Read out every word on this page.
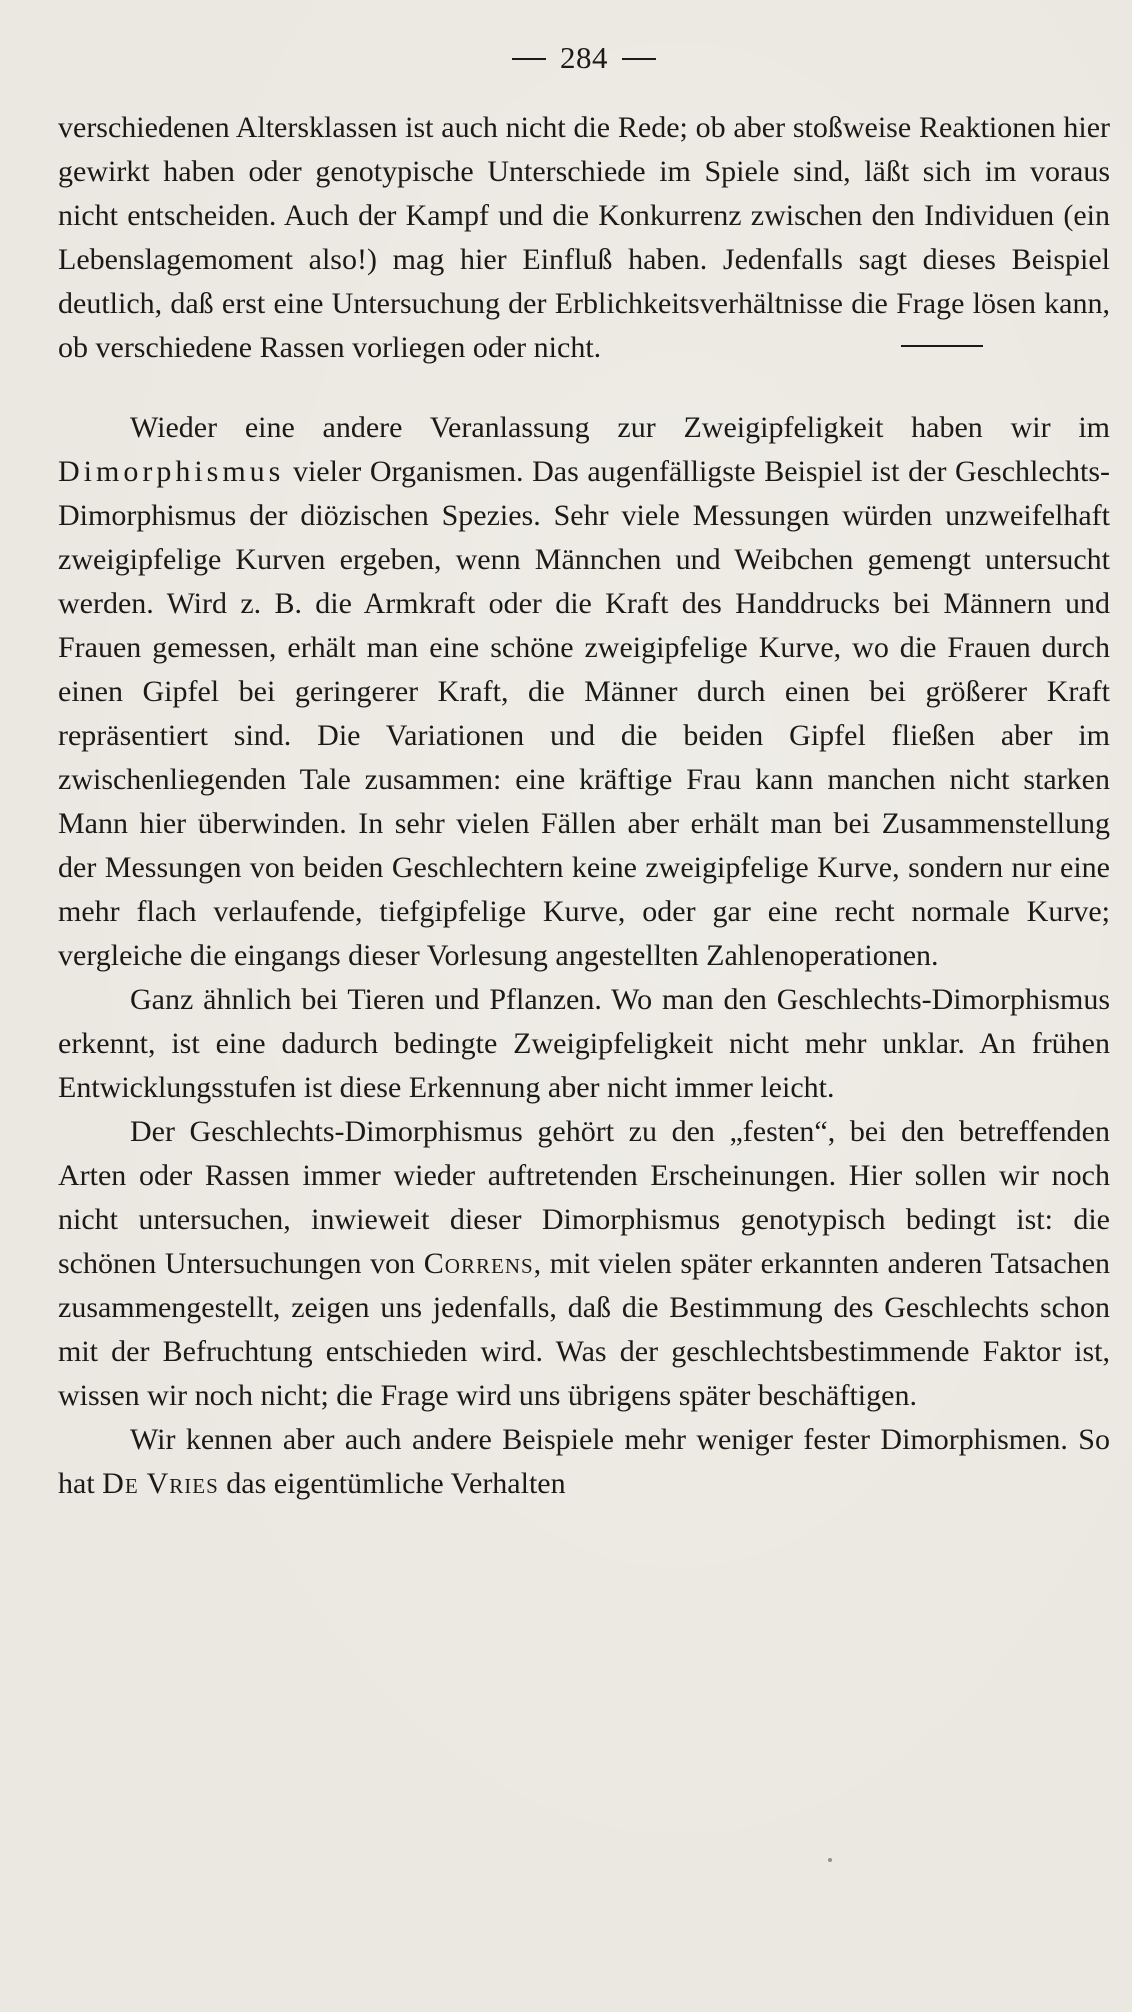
284

verschiedenen Altersklassen ist auch nicht die Rede; ob aber stoßweise Reaktionen hier gewirkt haben oder genotypische Unterschiede im Spiele sind, läßt sich im voraus nicht entscheiden. Auch der Kampf und die Konkurrenz zwischen den Individuen (ein Lebenslagemoment also!) mag hier Einfluß haben. Jedenfalls sagt dieses Beispiel deutlich, daß erst eine Untersuchung der Erblichkeitsverhältnisse die Frage lösen kann, ob verschiedene Rassen vorliegen oder nicht.

Wieder eine andere Veranlassung zur Zweigipfeligkeit haben wir im Dimorphismus vieler Organismen. Das augenfälligste Beispiel ist der Geschlechts-Dimorphismus der diözischen Spezies. Sehr viele Messungen würden unzweifelhaft zweigipfelige Kurven ergeben, wenn Männchen und Weibchen gemengt untersucht werden. Wird z. B. die Armkraft oder die Kraft des Handdrucks bei Männern und Frauen gemessen, erhält man eine schöne zweigipfelige Kurve, wo die Frauen durch einen Gipfel bei geringerer Kraft, die Männer durch einen bei größerer Kraft repräsentiert sind. Die Variationen und die beiden Gipfel fließen aber im zwischenliegenden Tale zusammen: eine kräftige Frau kann manchen nicht starken Mann hier überwinden. In sehr vielen Fällen aber erhält man bei Zusammenstellung der Messungen von beiden Geschlechtern keine zweigipfelige Kurve, sondern nur eine mehr flach verlaufende, tiefgipfelige Kurve, oder gar eine recht normale Kurve; vergleiche die eingangs dieser Vorlesung angestellten Zahlenoperationen.

Ganz ähnlich bei Tieren und Pflanzen. Wo man den Geschlechts-Dimorphismus erkennt, ist eine dadurch bedingte Zweigipfeligkeit nicht mehr unklar. An frühen Entwicklungsstufen ist diese Erkennung aber nicht immer leicht.

Der Geschlechts-Dimorphismus gehört zu den „festen“, bei den betreffenden Arten oder Rassen immer wieder auftretenden Erscheinungen. Hier sollen wir noch nicht untersuchen, inwieweit dieser Dimorphismus genotypisch bedingt ist: die schönen Untersuchungen von Correns, mit vielen später erkannten anderen Tatsachen zusammengestellt, zeigen uns jedenfalls, daß die Bestimmung des Geschlechts schon mit der Befruchtung entschieden wird. Was der geschlechtsbestimmende Faktor ist, wissen wir noch nicht; die Frage wird uns übrigens später beschäftigen.

Wir kennen aber auch andere Beispiele mehr weniger fester Dimorphismen. So hat De Vries das eigentümliche Verhalten
